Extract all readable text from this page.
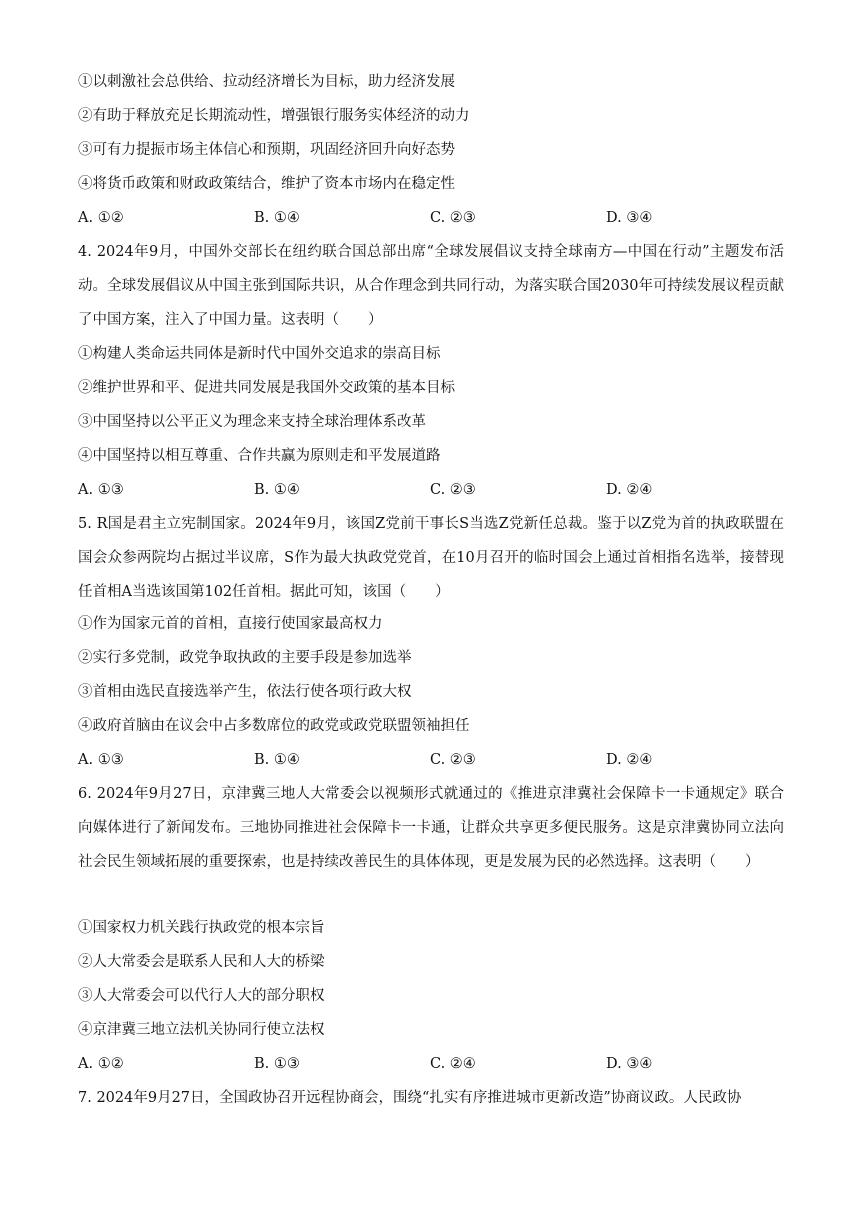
①以刺激社会总供给、拉动经济增长为目标，助力经济发展
②有助于释放充足长期流动性，增强银行服务实体经济的动力
③可有力提振市场主体信心和预期，巩固经济回升向好态势
④将货币政策和财政政策结合，维护了资本市场内在稳定性
A. ①②	B. ①④	C. ②③	D. ③④
4. 2024年9月，中国外交部长在纽约联合国总部出席“全球发展倡议支持全球南方—中国在行动”主题发布活动。全球发展倡议从中国主张到国际共识，从合作理念到共同行动，为落实联合国2030年可持续发展议程贡献了中国方案，注入了中国力量。这表明（　　）
①构建人类命运共同体是新时代中国外交追求的崇高目标
②维护世界和平、促进共同发展是我国外交政策的基本目标
③中国坚持以公平正义为理念来支持全球治理体系改革
④中国坚持以相互尊重、合作共赢为原则走和平发展道路
A. ①③	B. ①④	C. ②③	D. ②④
5. R国是君主立宪制国家。2024年9月，该国Z党前干事长S当选Z党新任总裁。鉴于以Z党为首的执政联盟在国会众参两院均占据过半议席，S作为最大执政党党首，在10月召开的临时国会上通过首相指名选举，接替现任首相A当选该国第102任首相。据此可知，该国（　　）
①作为国家元首的首相，直接行使国家最高权力
②实行多党制，政党争取执政的主要手段是参加选举
③首相由选民直接选举产生，依法行使各项行政大权
④政府首脑由在议会中占多数席位的政党或政党联盟领袖担任
A. ①③	B. ①④	C. ②③	D. ②④
6. 2024年9月27日，京津冀三地人大常委会以视频形式就通过的《推进京津冀社会保障卡一卡通规定》联合向媒体进行了新闻发布。三地协同推进社会保障卡一卡通，让群众共享更多便民服务。这是京津冀协同立法向社会民生领域拓展的重要探索，也是持续改善民生的具体体现，更是发展为民的必然选择。这表明（　　）
①国家权力机关践行执政党的根本宗旨
②人大常委会是联系人民和人大的桥梁
③人大常委会可以代行人大的部分职权
④京津冀三地立法机关协同行使立法权
A. ①②	B. ①③	C. ②④	D. ③④
7. 2024年9月27日，全国政协召开远程协商会，围绕“扎实有序推进城市更新改造”协商议政。人民政协
